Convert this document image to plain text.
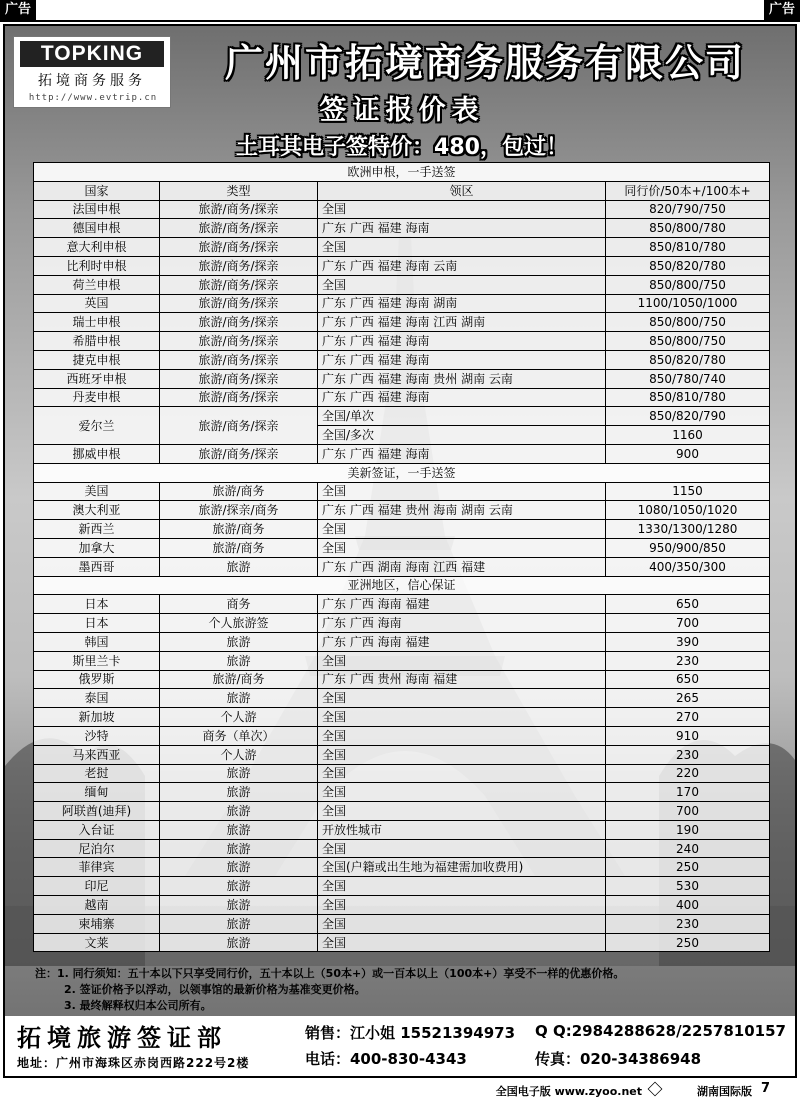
广告	广告
TOPKING
拓境商务服务
http://www.evtrip.cn
广州市拓境商务服务有限公司
签证报价表
土耳其电子签特价：480，包过！
欧洲申根，一手送签			
国家	类型	领区	同行价/50本+/100本+
法国申根	旅游/商务/探亲	全国	820/790/750
德国申根	旅游/商务/探亲	广东 广西 福建 海南	850/800/780
意大利申根	旅游/商务/探亲	全国	850/810/780
比利时申根	旅游/商务/探亲	广东 广西 福建 海南 云南	850/820/780
荷兰申根	旅游/商务/探亲	全国	850/800/750
英国	旅游/商务/探亲	广东 广西 福建 海南 湖南	1100/1050/1000
瑞士申根	旅游/商务/探亲	广东 广西 福建 海南 江西 湖南	850/800/750
希腊申根	旅游/商务/探亲	广东 广西 福建 海南	850/800/750
捷克申根	旅游/商务/探亲	广东 广西 福建 海南	850/820/780
西班牙申根	旅游/商务/探亲	广东 广西 福建 海南 贵州 湖南 云南	850/780/740
丹麦申根	旅游/商务/探亲	广东 广西 福建 海南	850/810/780
爱尔兰	旅游/商务/探亲	全国/单次	850/820/790
		全国/多次	1160
挪威申根	旅游/商务/探亲	广东 广西 福建 海南	900
美新签证，一手送签			
美国	旅游/商务	全国	1150
澳大利亚	旅游/探亲/商务	广东 广西 福建 贵州 海南 湖南 云南	1080/1050/1020
新西兰	旅游/商务	全国	1330/1300/1280
加拿大	旅游/商务	全国	950/900/850
墨西哥	旅游	广东 广西 湖南 海南 江西 福建	400/350/300
亚洲地区，信心保证			
日本	商务	广东 广西 海南 福建	650
日本	个人旅游签	广东 广西 海南	700
韩国	旅游	广东 广西 海南 福建	390
斯里兰卡	旅游	全国	230
俄罗斯	旅游/商务	广东 广西 贵州 海南 福建	650
泰国	旅游	全国	265
新加坡	个人游	全国	270
沙特	商务（单次）	全国	910
马来西亚	个人游	全国	230
老挝	旅游	全国	220
缅甸	旅游	全国	170
阿联酋(迪拜)	旅游	全国	700
入台证	旅游	开放性城市	190
尼泊尔	旅游	全国	240
菲律宾	旅游	全国(户籍或出生地为福建需加收费用)	250
印尼	旅游	全国	530
越南	旅游	全国	400
柬埔寨	旅游	全国	230
文莱	旅游	全国	250
注：1. 同行须知：五十本以下只享受同行价，五十本以上（50本+）或一百本以上（100本+）享受不一样的优惠价格。
2. 签证价格予以浮动，以领事馆的最新价格为基准变更价格。
3. 最终解释权归本公司所有。
拓境旅游签证部
地址：广州市海珠区赤岗西路222号2楼
销售：江小姐 15521394973 Q Q:2984288628/2257810157
电话：400-830-4343	传真：020-34386948
全国电子版 www.zyoo.net	湖南国际版 7
